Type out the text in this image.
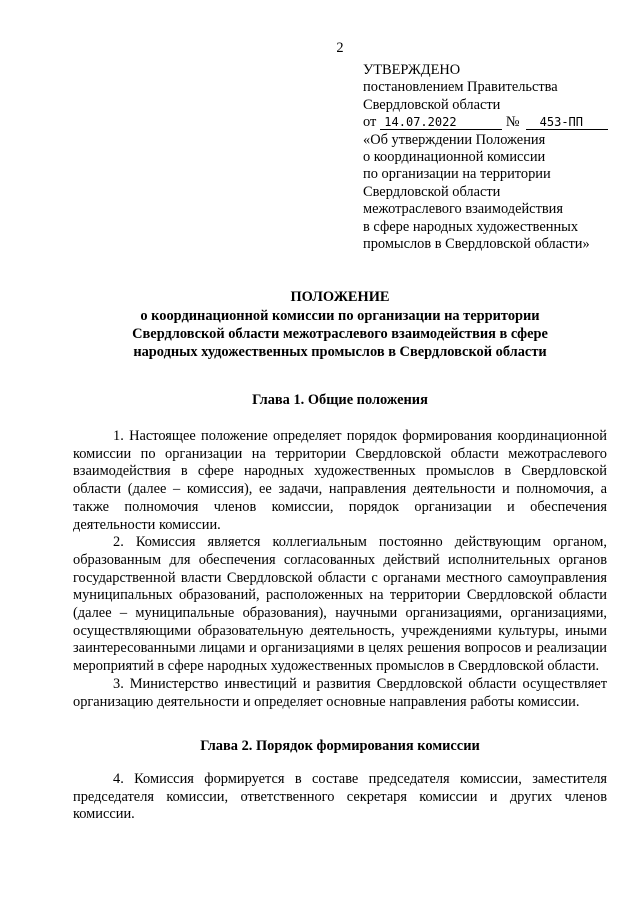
2
УТВЕРЖДЕНО
постановлением Правительства
Свердловской области
от 14.07.2022	№ 453-ПП
«Об утверждении Положения
о координационной комиссии
по организации на территории
Свердловской области
межотраслевого взаимодействия
в сфере народных художественных
промыслов в Свердловской области»
ПОЛОЖЕНИЕ
о координационной комиссии по организации на территории
Свердловской области межотраслевого взаимодействия в сфере
народных художественных промыслов в Свердловской области
Глава 1. Общие положения

1. Настоящее положение определяет порядок формирования координационной комиссии по организации на территории Свердловской области межотраслевого взаимодействия в сфере народных художественных промыслов в Свердловской области (далее – комиссия), ее задачи, направления деятельности и полномочия, а также полномочия членов комиссии, порядок организации и обеспечения деятельности комиссии.

2. Комиссия является коллегиальным постоянно действующим органом, образованным для обеспечения согласованных действий исполнительных органов государственной власти Свердловской области с органами местного самоуправления муниципальных образований, расположенных на территории Свердловской области (далее – муниципальные образования), научными организациями, организациями, осуществляющими образовательную деятельность, учреждениями культуры, иными заинтересованными лицами и организациями в целях решения вопросов и реализации мероприятий в сфере народных художественных промыслов в Свердловской области.

3. Министерство инвестиций и развития Свердловской области осуществляет организацию деятельности и определяет основные направления работы комиссии.

Глава 2. Порядок формирования комиссии

4. Комиссия формируется в составе председателя комиссии, заместителя председателя комиссии, ответственного секретаря комиссии и других членов комиссии.
